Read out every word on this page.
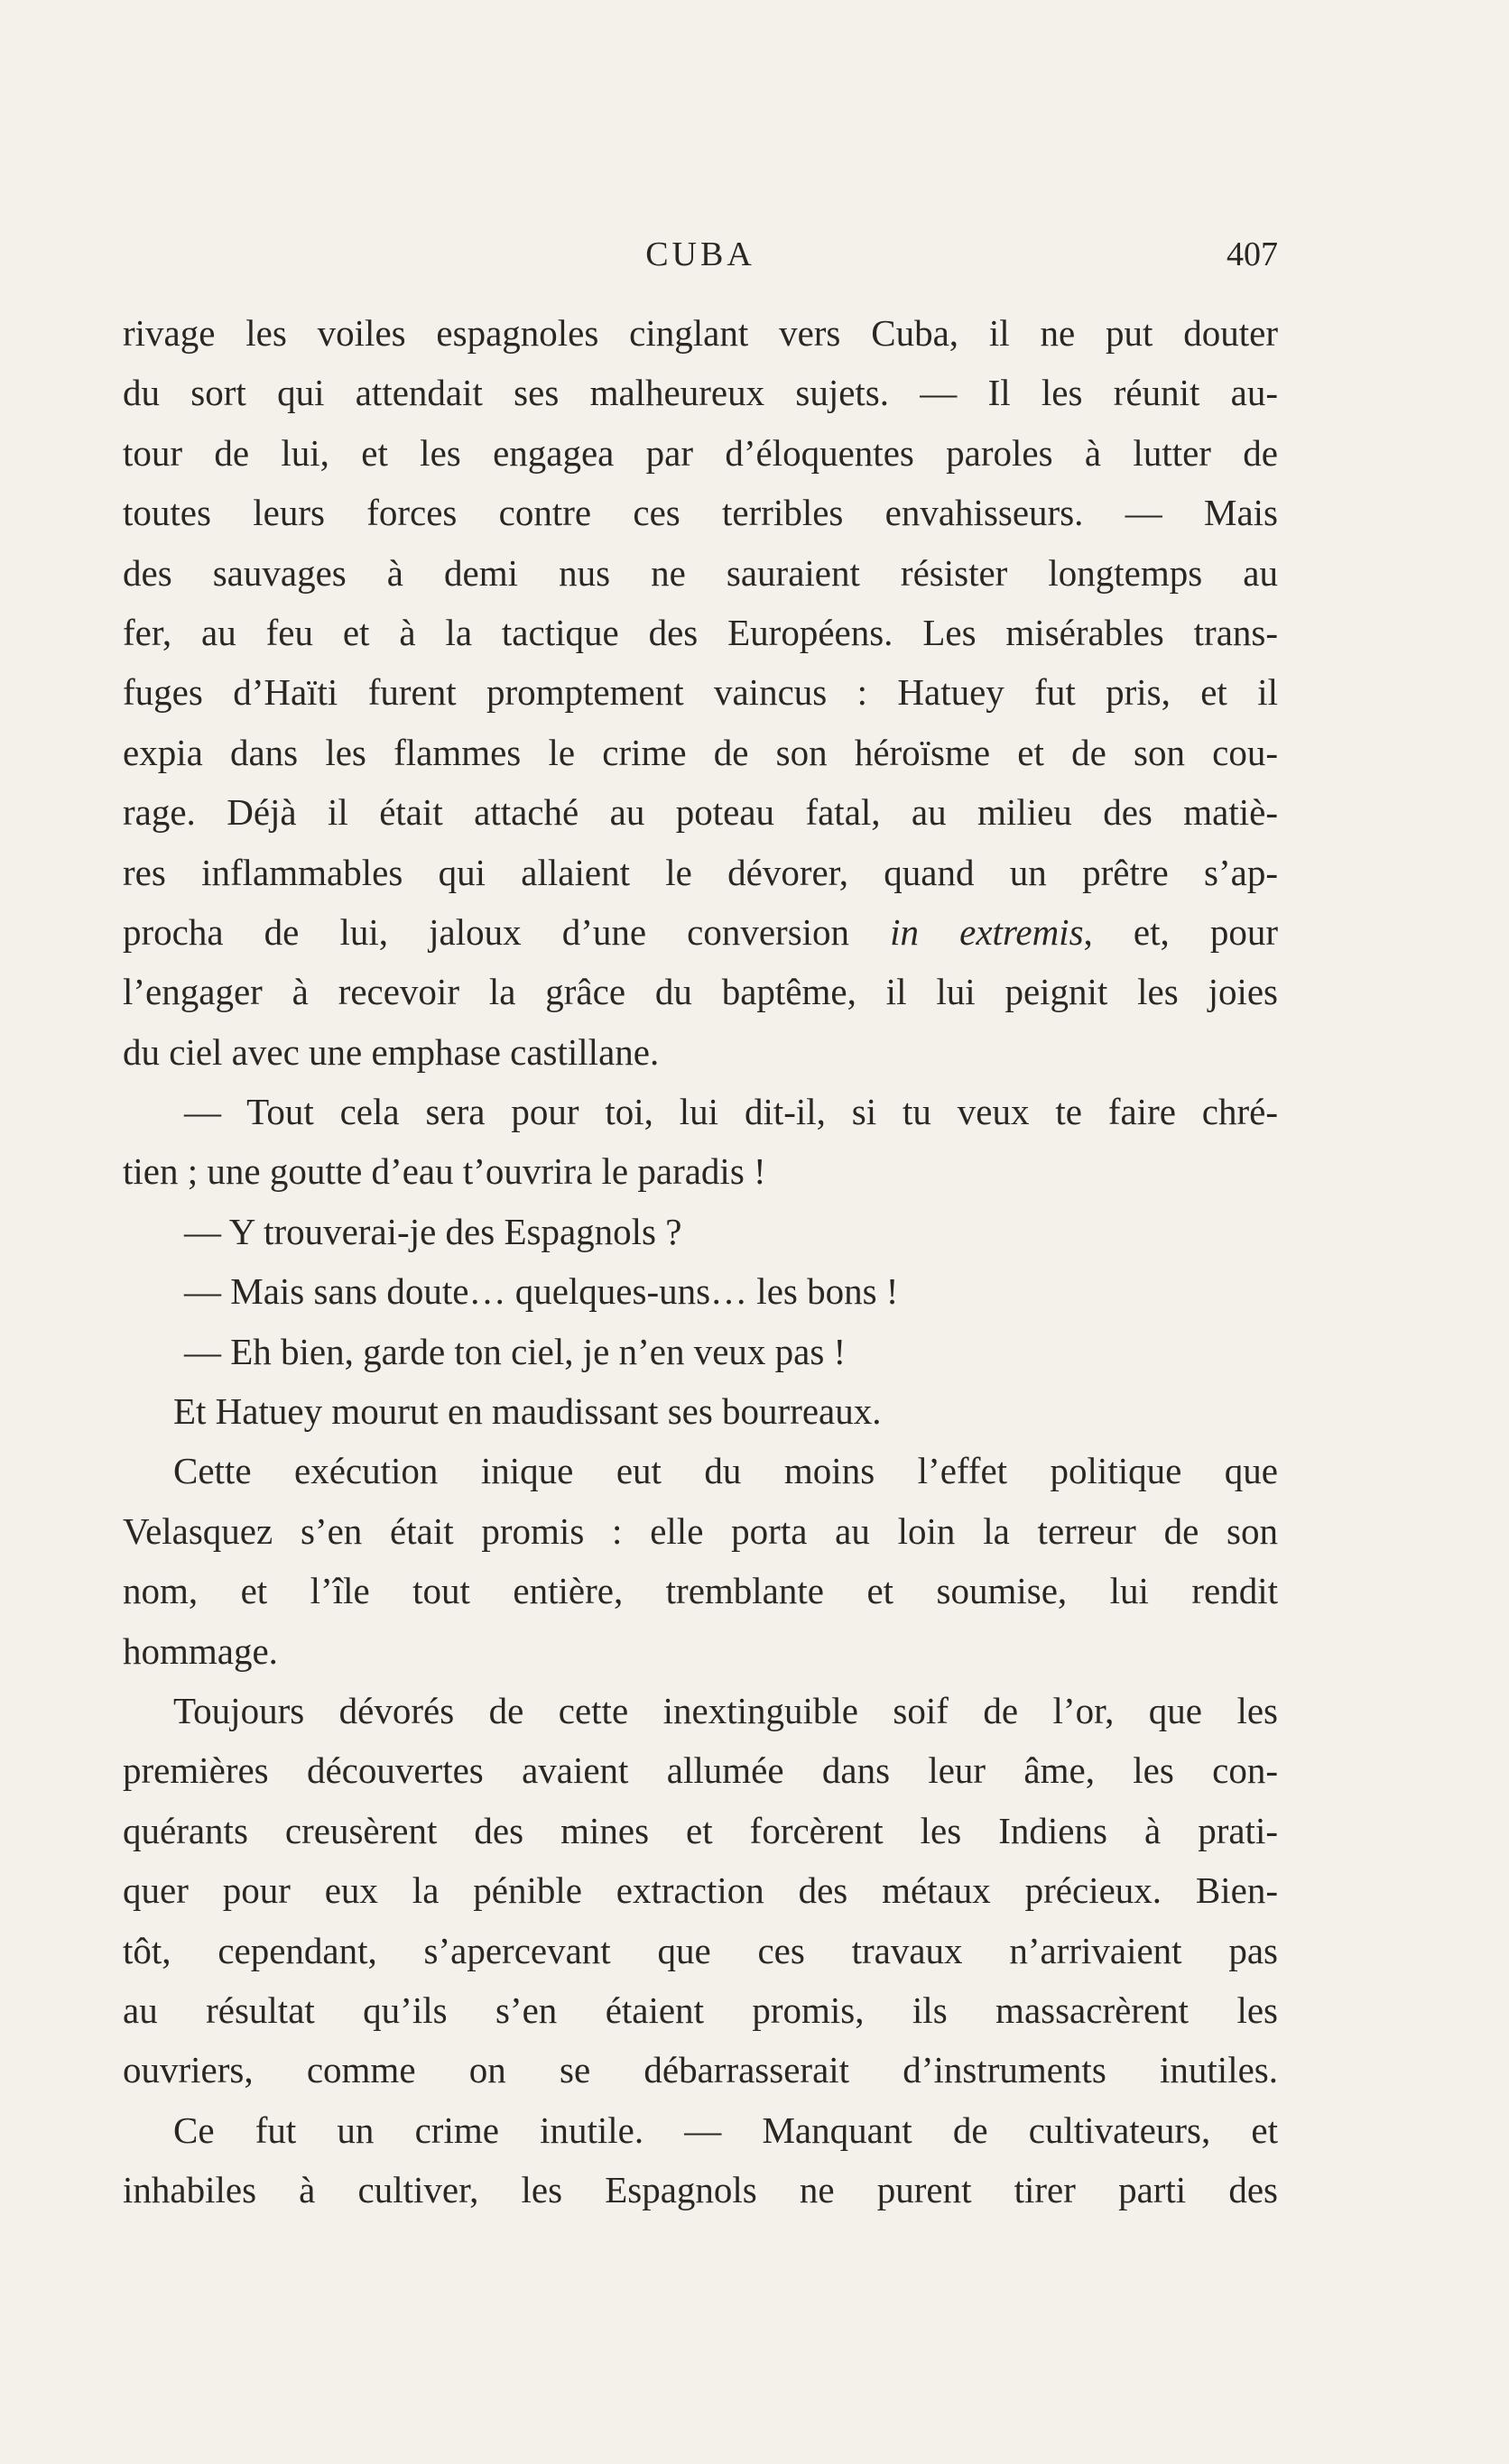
CUBA	407
rivage les voiles espagnoles cinglant vers Cuba, il ne put douter
du sort qui attendait ses malheureux sujets. — Il les réunit au-
tour de lui, et les engagea par d’éloquentes paroles à lutter de
toutes leurs forces contre ces terribles envahisseurs. — Mais
des sauvages à demi nus ne sauraient résister longtemps au
fer, au feu et à la tactique des Européens. Les misérables trans-
fuges d’Haïti furent promptement vaincus : Hatuey fut pris, et il
expia dans les flammes le crime de son héroïsme et de son cou-
rage. Déjà il était attaché au poteau fatal, au milieu des matiè-
res inflammables qui allaient le dévorer, quand un prêtre s’ap-
procha de lui, jaloux d’une conversion in extremis, et, pour
l’engager à recevoir la grâce du baptême, il lui peignit les joies
du ciel avec une emphase castillane.
— Tout cela sera pour toi, lui dit-il, si tu veux te faire chré-
tien ; une goutte d’eau t’ouvrira le paradis !
— Y trouverai-je des Espagnols ?
— Mais sans doute… quelques-uns… les bons !
— Eh bien, garde ton ciel, je n’en veux pas !
Et Hatuey mourut en maudissant ses bourreaux.
Cette exécution inique eut du moins l’effet politique que
Velasquez s’en était promis : elle porta au loin la terreur de son
nom, et l’île tout entière, tremblante et soumise, lui rendit
hommage.
Toujours dévorés de cette inextinguible soif de l’or, que les
premières découvertes avaient allumée dans leur âme, les con-
quérants creusèrent des mines et forcèrent les Indiens à prati-
quer pour eux la pénible extraction des métaux précieux. Bien-
tôt, cependant, s’apercevant que ces travaux n’arrivaient pas
au résultat qu’ils s’en étaient promis, ils massacrèrent les
ouvriers, comme on se débarrasserait d’instruments inutiles.
Ce fut un crime inutile. — Manquant de cultivateurs, et
inhabiles à cultiver, les Espagnols ne purent tirer parti des
